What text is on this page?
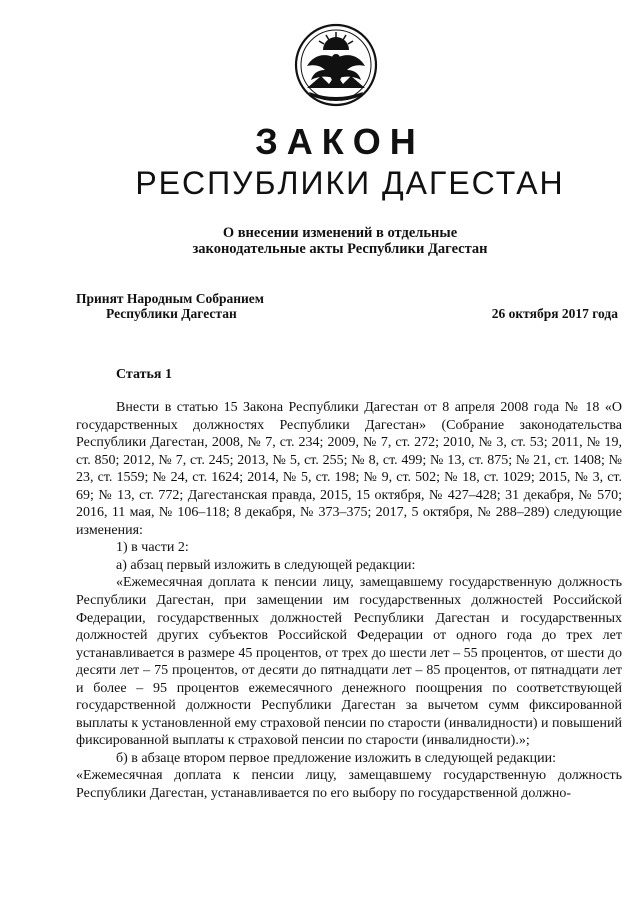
ЗАКОН
РЕСПУБЛИКИ ДАГЕСТАН
О внесении изменений в отдельные
законодательные акты Республики Дагестан
Принят Народным Собранием
Республики Дагестан	26 октября 2017 года
Статья 1

Внести в статью 15 Закона Республики Дагестан от 8 апреля 2008 года № 18 «О государственных должностях Республики Дагестан» (Собрание законодательства Республики Дагестан, 2008, № 7, ст. 234; 2009, № 7, ст. 272; 2010, № 3, ст. 53; 2011, № 19, ст. 850; 2012, № 7, ст. 245; 2013, № 5, ст. 255; № 8, ст. 499; № 13, ст. 875; № 21, ст. 1408; № 23, ст. 1559; № 24, ст. 1624; 2014, № 5, ст. 198; № 9, ст. 502; № 18, ст. 1029; 2015, № 3, ст. 69; № 13, ст. 772; Дагестанская правда, 2015, 15 октября, № 427–428; 31 декабря, № 570; 2016, 11 мая, № 106–118; 8 декабря, № 373–375; 2017, 5 октября, № 288–289) следующие изменения:

1) в части 2:

а) абзац первый изложить в следующей редакции:

«Ежемесячная доплата к пенсии лицу, замещавшему государственную должность Республики Дагестан, при замещении им государственных должностей Российской Федерации, государственных должностей Республики Дагестан и государственных должностей других субъектов Российской Федерации от одного года до трех лет устанавливается в размере 45 процентов, от трех до шести лет – 55 процентов, от шести до десяти лет – 75 процентов, от десяти до пятнадцати лет – 85 процентов, от пятнадцати лет и более – 95 процентов ежемесячного денежного поощрения по соответствующей государственной должности Республики Дагестан за вычетом сумм фиксированной выплаты к установленной ему страховой пенсии по старости (инвалидности) и повышений фиксированной выплаты к страховой пенсии по старости (инвалидности).»;

б) в абзаце втором первое предложение изложить в следующей редакции:

«Ежемесячная доплата к пенсии лицу, замещавшему государственную должность Республики Дагестан, устанавливается по его выбору по государственной должно-
